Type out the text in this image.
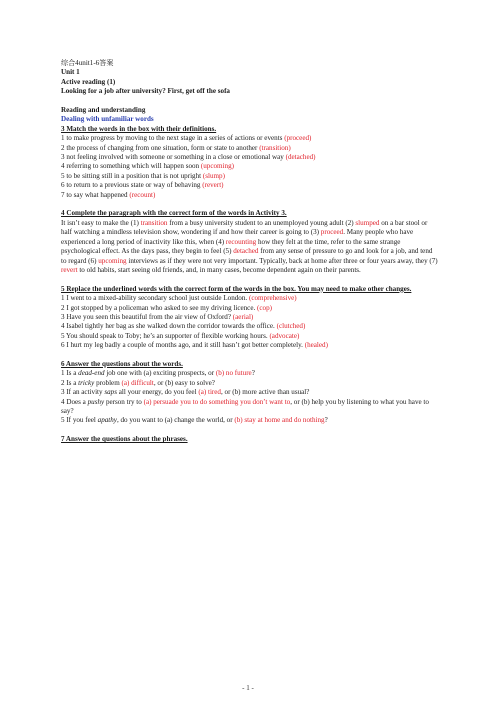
综合4unit1-6答案
Unit 1
Active reading (1)
Looking for a job after university? First, get off the sofa
Reading and understanding
Dealing with unfamiliar words
3 Match the words in the box with their definitions.
1 to make progress by moving to the next stage in a series of actions or events (proceed)
2 the process of changing from one situation, form or state to another (transition)
3 not feeling involved with someone or something in a close or emotional way (detached)
4 referring to something which will happen soon (upcoming)
5 to be sitting still in a position that is not upright (slump)
6 to return to a previous state or way of behaving (revert)
7 to say what happened (recount)
4 Complete the paragraph with the correct form of the words in Activity 3.
It isn’t easy to make the (1) transition from a busy university student to an unemployed young adult (2) slumped on a bar stool or half watching a mindless television show, wondering if and how their career is going to (3) proceed. Many people who have experienced a long period of inactivity like this, when (4) recounting how they felt at the time, refer to the same strange psychological effect. As the days pass, they begin to feel (5) detached from any sense of pressure to go and look for a job, and tend to regard (6) upcoming interviews as if they were not very important. Typically, back at home after three or four years away, they (7) revert to old habits, start seeing old friends, and, in many cases, become dependent again on their parents.
5 Replace the underlined words with the correct form of the words in the box. You may need to make other changes.
1 I went to a mixed-ability secondary school just outside London. (comprehensive)
2 I got stopped by a policeman who asked to see my driving licence. (cop)
3 Have you seen this beautiful from the air view of Oxford? (aerial)
4 Isabel tightly her bag as she walked down the corridor towards the office. (clutched)
5 You should speak to Toby; he’s an supporter of flexible working hours. (advocate)
6 I hurt my leg badly a couple of months ago, and it still hasn’t got better completely. (healed)
6 Answer the questions about the words.
1 Is a dead-end job one with (a) exciting prospects, or (b) no future?
2 Is a tricky problem (a) difficult, or (b) easy to solve?
3 If an activity saps all your energy, do you feel (a) tired, or (b) more active than usual?
4 Does a pushy person try to (a) persuade you to do something you don’t want to, or (b) help you by listening to what you have to say?
5 If you feel apathy, do you want to (a) change the world, or (b) stay at home and do nothing?
7 Answer the questions about the phrases.
- 1 -
